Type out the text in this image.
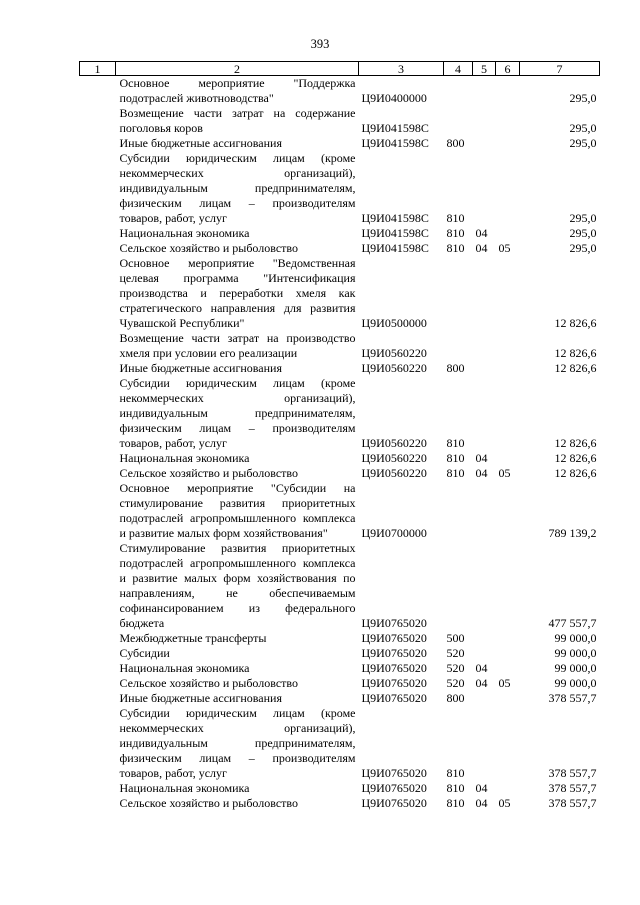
393
1	2	3	4	5	6	7
	Основное мероприятие "Поддержка подотраслей животноводства"	Ц9И0400000				295,0
	Возмещение части затрат на содержание поголовья коров	Ц9И041598С				295,0
	Иные бюджетные ассигнования	Ц9И041598С	800			295,0
	Субсидии юридическим лицам (кроме некоммерческих организаций), индивидуальным предпринимателям, физическим лицам – производителям товаров, работ, услуг	Ц9И041598С	810			295,0
	Национальная экономика	Ц9И041598С	810	04		295,0
	Сельское хозяйство и рыболовство	Ц9И041598С	810	04	05	295,0
	Основное мероприятие "Ведомственная целевая программа "Интенсификация производства и переработки хмеля как стратегического направления для развития Чувашской Республики"	Ц9И0500000				12 826,6
	Возмещение части затрат на производство хмеля при условии его реализации	Ц9И0560220				12 826,6
	Иные бюджетные ассигнования	Ц9И0560220	800			12 826,6
	Субсидии юридическим лицам (кроме некоммерческих организаций), индивидуальным предпринимателям, физическим лицам – производителям товаров, работ, услуг	Ц9И0560220	810			12 826,6
	Национальная экономика	Ц9И0560220	810	04		12 826,6
	Сельское хозяйство и рыболовство	Ц9И0560220	810	04	05	12 826,6
	Основное мероприятие "Субсидии на стимулирование развития приоритетных подотраслей агропромышленного комплекса и развитие малых форм хозяйствования"	Ц9И0700000				789 139,2
	Стимулирование развития приоритетных подотраслей агропромышленного комплекса и развитие малых форм хозяйствования по направлениям, не обеспечиваемым софинансированием из федерального бюджета	Ц9И0765020				477 557,7
	Межбюджетные трансферты	Ц9И0765020	500			99 000,0
	Субсидии	Ц9И0765020	520			99 000,0
	Национальная экономика	Ц9И0765020	520	04		99 000,0
	Сельское хозяйство и рыболовство	Ц9И0765020	520	04	05	99 000,0
	Иные бюджетные ассигнования	Ц9И0765020	800			378 557,7
	Субсидии юридическим лицам (кроме некоммерческих организаций), индивидуальным предпринимателям, физическим лицам – производителям товаров, работ, услуг	Ц9И0765020	810			378 557,7
	Национальная экономика	Ц9И0765020	810	04		378 557,7
	Сельское хозяйство и рыболовство	Ц9И0765020	810	04	05	378 557,7
